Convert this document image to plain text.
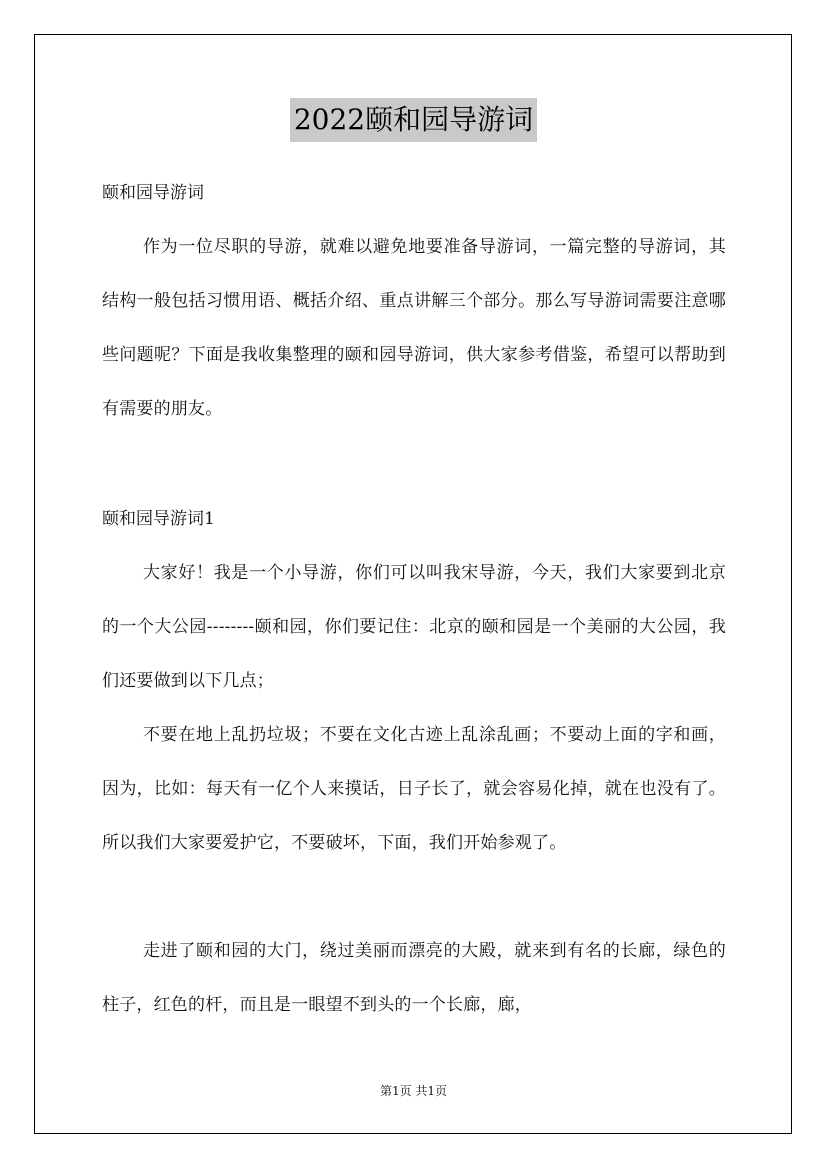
2022颐和园导游词
颐和园导游词

作为一位尽职的导游，就难以避免地要准备导游词，一篇完整的导游词，其结构一般包括习惯用语、概括介绍、重点讲解三个部分。那么写导游词需要注意哪些问题呢？下面是我收集整理的颐和园导游词，供大家参考借鉴，希望可以帮助到有需要的朋友。

颐和园导游词1

大家好！我是一个小导游，你们可以叫我宋导游，今天，我们大家要到北京的一个大公园--------颐和园，你们要记住：北京的颐和园是一个美丽的大公园，我们还要做到以下几点；

不要在地上乱扔垃圾；不要在文化古迹上乱涂乱画；不要动上面的字和画，因为，比如：每天有一亿个人来摸话，日子长了，就会容易化掉，就在也没有了。所以我们大家要爱护它，不要破坏，下面，我们开始参观了。

走进了颐和园的大门，绕过美丽而漂亮的大殿，就来到有名的长廊，绿色的柱子，红色的杆，而且是一眼望不到头的一个长廊，廊，

第1页 共1页
